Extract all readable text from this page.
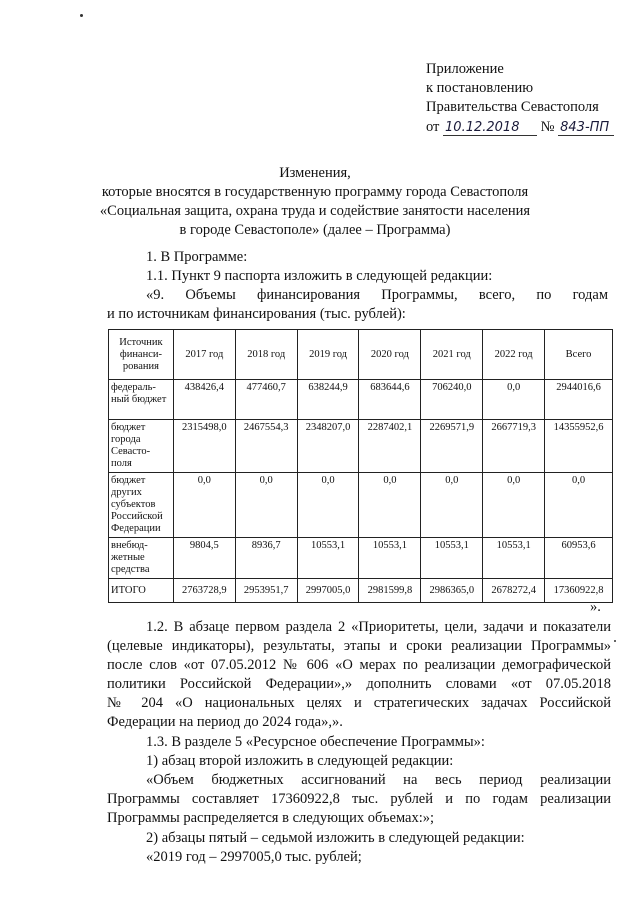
Приложение
к постановлению
Правительства Севастополя
от 10.12.2018 № 843-ПП
Изменения,
которые вносятся в государственную программу города Севастополя
«Социальная защита, охрана труда и содействие занятости населения
в городе Севастополе» (далее – Программа)
1. В Программе:
1.1. Пункт 9 паспорта изложить в следующей редакции:
«9. Объемы финансирования Программы, всего, по годам
и по источникам финансирования (тыс. рублей):
Источник финанси-рования	2017 год	2018 год	2019 год	2020 год	2021 год	2022 год	Всего
федераль-ный бюджет	438426,4	477460,7	638244,9	683644,6	706240,0	0,0	2944016,6
бюджет города Севасто-поля	2315498,0	2467554,3	2348207,0	2287402,1	2269571,9	2667719,3	14355952,6
бюджет других субъектов Российской Федерации	0,0	0,0	0,0	0,0	0,0	0,0	0,0
внебюд-жетные средства	9804,5	8936,7	10553,1	10553,1	10553,1	10553,1	60953,6
ИТОГО	2763728,9	2953951,7	2997005,0	2981599,8	2986365,0	2678272,4	17360922,8
».
1.2. В абзаце первом раздела 2 «Приоритеты, цели, задачи и показатели
(целевые индикаторы), результаты, этапы и сроки реализации Программы»
после слов «от 07.05.2012 № 606 «О мерах по реализации демографической
политики Российской Федерации»,» дополнить словами «от 07.05.2018
№ 204 «О национальных целях и стратегических задачах Российской
Федерации на период до 2024 года»,».
1.3. В разделе 5 «Ресурсное обеспечение Программы»:
1) абзац второй изложить в следующей редакции:
«Объем бюджетных ассигнований на весь период реализации
Программы составляет 17360922,8 тыс. рублей и по годам реализации
Программы распределяется в следующих объемах:»;
2) абзацы пятый – седьмой изложить в следующей редакции:
«2019 год – 2997005,0 тыс. рублей;
